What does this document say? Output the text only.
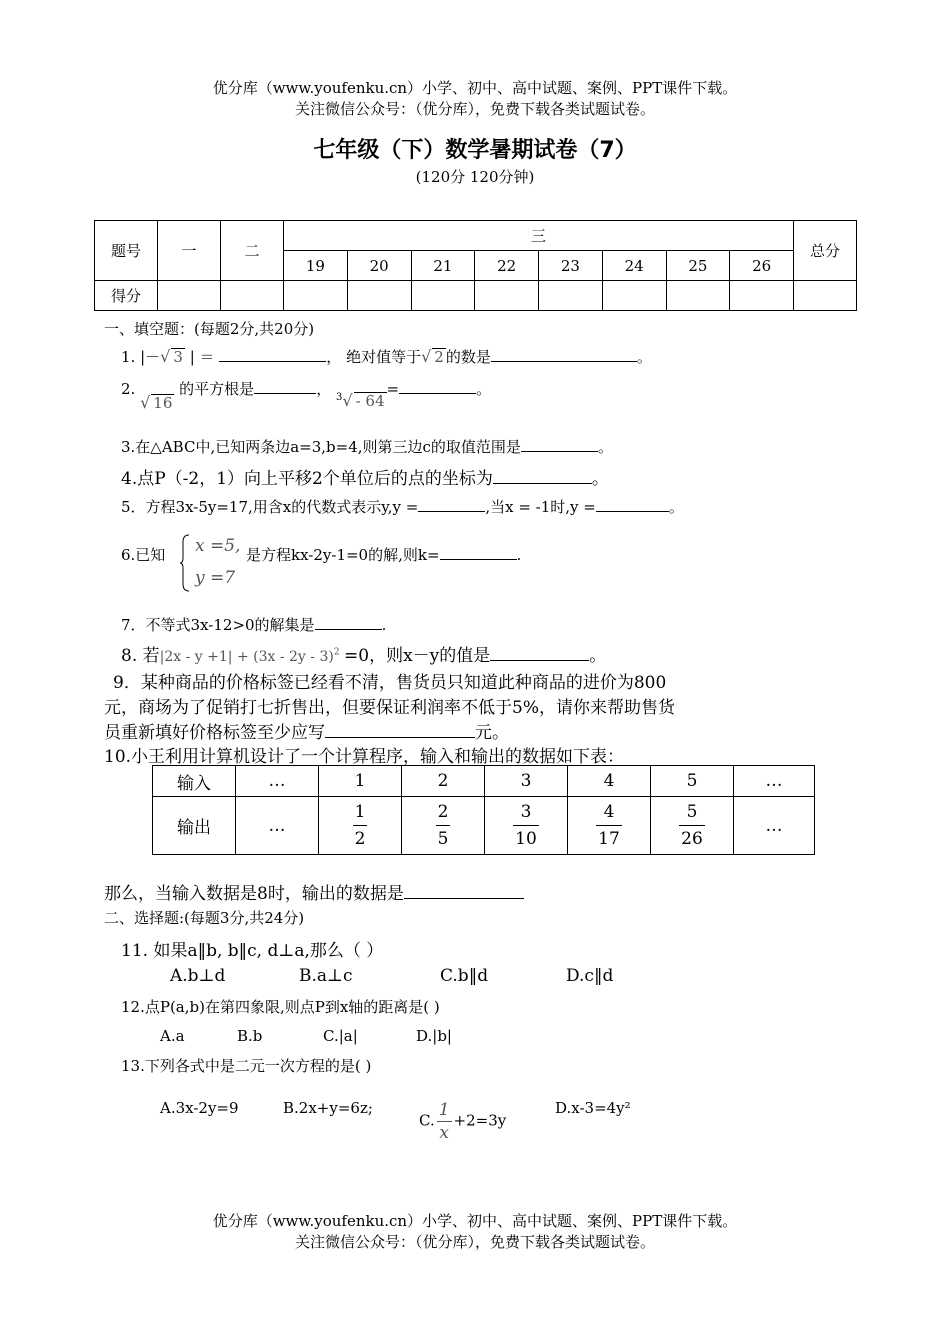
优分库（www.youfenku.cn）小学、初中、高中试题、案例、PPT课件下载。
关注微信公众号：（优分库），免费下载各类试题试卷。
七年级（下）数学暑期试卷（7）
(120分 120分钟)
题号	一	二	三								总分
			19	20	21	22	23	24	25	26	
得分											
一、填空题：(每题2分,共20分)
1. |－√ 3 | ＝	， 绝对值等于√ 2 的数是	。
2. √ 16 的平方根是	， $^3$√ - 64=	。
3.在△ABC中,已知两条边a=3,b=4,则第三边c的取值范围是	。
4.点P（-2，1）向上平移2个单位后的点的坐标为	。
5．方程3x-5y=17,用含x的代数式表示y,y =	,当x = -1时,y =	。
6.已知 x =5,
y =7
是方程kx-2y-1=0的解,则k=	.
7．不等式3x-12>0的解集是	.
8. 若|2x - y +1| + (3x - 2y - 3)$^2$ =0，则x－y的值是	。
9．某种商品的价格标签已经看不清，售货员只知道此种商品的进价为800
元，商场为了促销打七折售出，但要保证利润率不低于5%，请你来帮助售货
员重新填好价格标签至少应写	元。
10.小王利用计算机设计了一个计算程序，输入和输出的数据如下表：
输入	…	1	2	3	4	5	…
输出	…	$\frac{1}{2}$	$\frac{2}{5}$	$\frac{3}{10}$	$\frac{4}{17}$	$\frac{5}{26}$	…
那么，当输入数据是8时，输出的数据是
二、选择题:(每题3分,共24分)
11. 如果a‖b, b‖c, d⊥a,那么（ ）
A.b⊥d	B.a⊥c	C.b‖d	D.c‖d
12.点P(a,b)在第四象限,则点P到x轴的距离是( )
A.a	B.b	C.|a|	D.|b|
13.下列各式中是二元一次方程的是( )
A.3x-2y=9	B.2x+y=6z;
C. $\frac{1}{x} +2=3y$
D.x-3=4y²
优分库（www.youfenku.cn）小学、初中、高中试题、案例、PPT课件下载。
关注微信公众号：（优分库），免费下载各类试题试卷。
